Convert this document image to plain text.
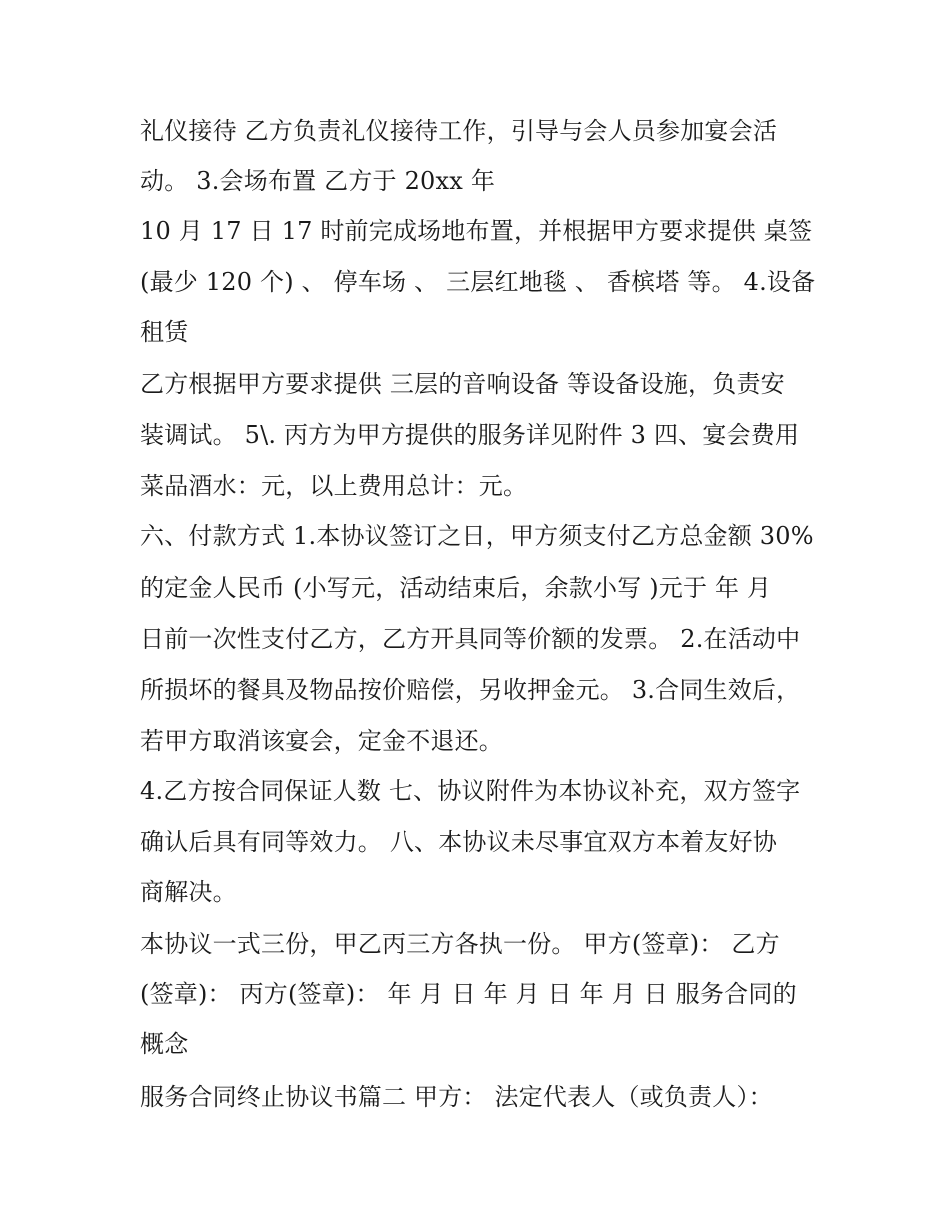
礼仪接待 乙方负责礼仪接待工作，引导与会人员参加宴会活
动。 3.会场布置 乙方于 20xx 年
10 月 17 日 17 时前完成场地布置，并根据甲方要求提供 桌签
(最少 120 个) 、 停车场 、 三层红地毯 、 香槟塔 等。 4.设备
租赁
乙方根据甲方要求提供 三层的音响设备 等设备设施，负责安
装调试。 5\. 丙方为甲方提供的服务详见附件 3 四、宴会费用
菜品酒水：元，以上费用总计：元。
六、付款方式 1.本协议签订之日，甲方须支付乙方总金额 30%
的定金人民币 (小写元，活动结束后，余款小写 )元于 年 月
日前一次性支付乙方，乙方开具同等价额的发票。 2.在活动中
所损坏的餐具及物品按价赔偿，另收押金元。 3.合同生效后，
若甲方取消该宴会，定金不退还。
4.乙方按合同保证人数 七、协议附件为本协议补充，双方签字
确认后具有同等效力。 八、本协议未尽事宜双方本着友好协
商解决。
本协议一式三份，甲乙丙三方各执一份。 甲方(签章)： 乙方
(签章)： 丙方(签章)： 年 月 日 年 月 日 年 月 日 服务合同的
概念
服务合同终止协议书篇二 甲方： 法定代表人（或负责人）：
